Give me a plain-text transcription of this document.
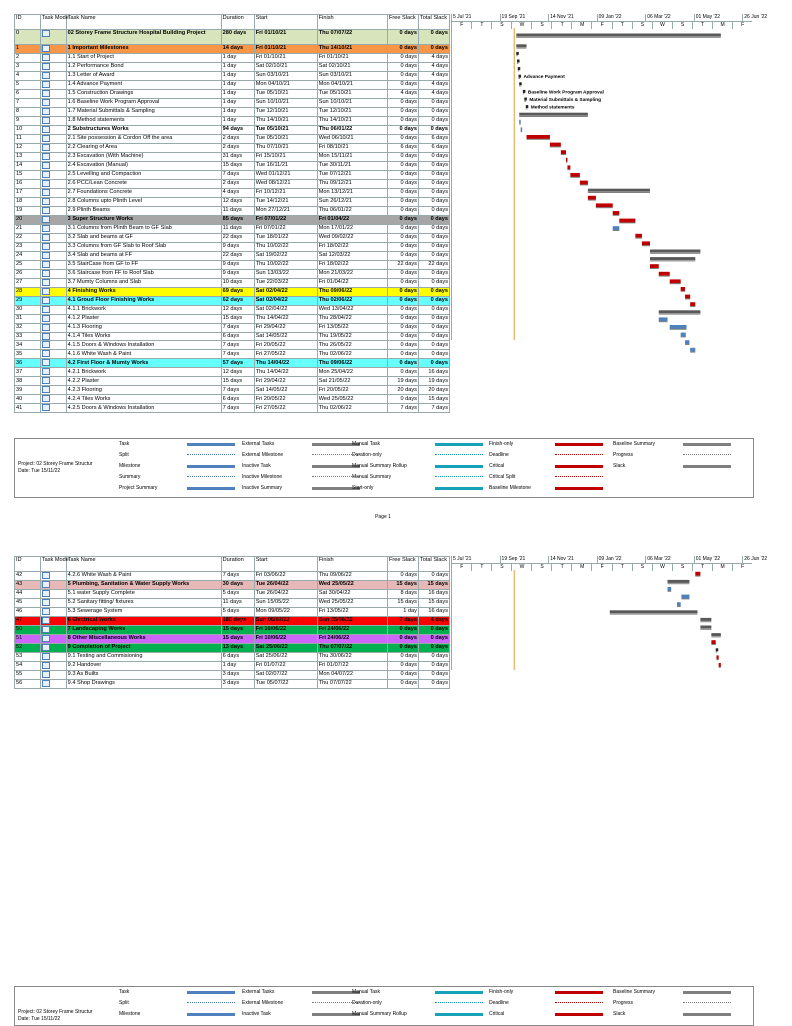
ID	Task Mode	Task Name	Duration	Start	Finish	Free Slack	Total Slack
0		02 Storey Frame Structure Hospital Building Project	280 days	Fri 01/10/21	Thu 07/07/22	0 days	0 days
1		1 Important Milestones	14 days	Fri 01/10/21	Thu 14/10/21	0 days	0 days
2		1.1 Start of Project	1 day	Fri 01/10/21	Fri 01/10/21	0 days	4 days
3		1.2 Performance Bond	1 day	Sat 02/10/21	Sat 02/10/21	0 days	4 days
4		1.3 Letter of Award	1 day	Sun 03/10/21	Sun 03/10/21	0 days	4 days
5		1.4 Advance Payment	1 day	Mon 04/10/21	Mon 04/10/21	0 days	4 days
6		1.5 Construction Drawings	1 day	Tue 05/10/21	Tue 05/10/21	4 days	4 days
7		1.6 Baseline Work Program Approval	1 day	Sun 10/10/21	Sun 10/10/21	0 days	0 days
8		1.7 Material Submittals & Sampling	1 day	Tue 12/10/21	Tue 12/10/21	0 days	0 days
9		1.8 Method statements	1 day	Thu 14/10/21	Thu 14/10/21	0 days	0 days
10		2 Substructures Works	94 days	Tue 05/10/21	Thu 06/01/22	0 days	0 days
11		2.1 Site possession & Cordon Off the area	2 days	Tue 05/10/21	Wed 06/10/21	0 days	6 days
12		2.2 Clearing of Area	2 days	Thu 07/10/21	Fri 08/10/21	6 days	6 days
13		2.3 Excavation (With Machine)	31 days	Fri 15/10/21	Mon 15/11/21	0 days	0 days
14		2.4 Excavation (Manual)	15 days	Tue 16/11/21	Tue 30/11/21	0 days	0 days
15		2.5 Levelling and Compaction	7 days	Wed 01/12/21	Tue 07/12/21	0 days	0 days
16		2.6 PCC/Lean Concrete	2 days	Wed 08/12/21	Thu 09/12/21	0 days	0 days
17		2.7 Foundations Concrete	4 days	Fri 10/12/21	Mon 13/12/21	0 days	0 days
18		2.8 Columns upto Plinth Level	12 days	Tue 14/12/21	Sun 26/12/21	0 days	0 days
19		2.9 Plinth Beams	11 days	Mon 27/12/21	Thu 06/01/22	0 days	0 days
20		3 Super Structure Works	85 days	Fri 07/01/22	Fri 01/04/22	0 days	0 days
21		3.1 Columns from Plinth Beam to GF Slab	11 days	Fri 07/01/22	Mon 17/01/22	0 days	0 days
22		3.2 Slab and beams at GF	22 days	Tue 18/01/22	Wed 09/02/22	0 days	0 days
23		3.3 Columns from GF Slab to Roof Slab	9 days	Thu 10/02/22	Fri 18/02/22	0 days	0 days
24		3.4 Slab and beams at FF	22 days	Sat 19/02/22	Sat 12/03/22	0 days	0 days
25		3.5 StairCase from GF to FF	9 days	Thu 10/02/22	Fri 18/02/22	22 days	22 days
26		3.6 Staircase from FF to Roof Slab	9 days	Sun 13/03/22	Mon 21/03/22	0 days	0 days
27		3.7 Mumty Columns and Slab	10 days	Tue 22/03/22	Fri 01/04/22	0 days	0 days
28		4 Finishing Works	69 days	Sat 02/04/22	Thu 09/06/22	0 days	0 days
29		4.1 Groud Floor Finishing Works	62 days	Sat 02/04/22	Thu 02/06/22	0 days	0 days
30		4.1.1 Brickwork	12 days	Sat 02/04/22	Wed 13/04/22	0 days	0 days
31		4.1.2 Plaster	15 days	Thu 14/04/22	Thu 28/04/22	0 days	0 days
32		4.1.3 Flooring	7 days	Fri 29/04/22	Fri 13/05/22	0 days	0 days
33		4.1.4 Tiles Works	6 days	Sat 14/05/22	Thu 19/05/22	0 days	0 days
34		4.1.5 Doors & Windows Installation	7 days	Fri 20/05/22	Thu 26/05/22	0 days	0 days
35		4.1.6 White Wash & Paint	7 days	Fri 27/05/22	Thu 02/06/22	0 days	0 days
36		4.2 First Floor & Mumty Works	57 days	Thu 14/04/22	Thu 09/06/22	0 days	0 days
37		4.2.1 Brickwork	12 days	Thu 14/04/22	Mon 25/04/22	0 days	16 days
38		4.2.2 Plaster	15 days	Fri 29/04/22	Sat 21/05/22	19 days	19 days
39		4.2.3 Flooring	7 days	Sat 14/05/22	Fri 20/05/22	20 days	20 days
40		4.2.4 Tiles Works	6 days	Fri 20/05/22	Wed 25/05/22	0 days	15 days
41		4.2.5 Doors & Windows Installation	7 days	Fri 27/05/22	Thu 02/06/22	7 days	7 days
5 Jul '21	19 Sep '21	14 Nov '21	09 Jan '22	06 Mar '22	01 May '22	26 Jun '22
F	T	S	W	S	T	M	F	T	S	W	S	T	M	F
Advance Payment
Baseline Work Program Approval
Material Submittals & Sampling
Method statements
Project: 02 Storey Frame Structur
Date: Tue 15/11/22
Task
Split
Milestone
Summary
Project Summary
External Tasks
External Milestone
Inactive Task
Inactive Milestone
Inactive Summary
Manual Task
Duration-only
Manual Summary Rollup
Manual Summary
Start-only
Finish-only
Deadline
Critical
Critical Split
Baseline Milestone
Baseline Summary
Progress
Slack
Page 1
ID	Task Mode	Task Name	Duration	Start	Finish	Free Slack	Total Slack
42		4.2.6 White Wash & Paint	7 days	Fri 03/06/22	Thu 09/06/22	0 days	0 days
43		5 Plumbing, Sanitation & Water Supply Works	30 days	Tue 26/04/22	Wed 25/05/22	15 days	15 days
44		5.1 water Supply Complete	5 days	Tue 26/04/22	Sat 30/04/22	8 days	16 days
45		5.2 Sanitary fitting/ fixtures	11 days	Sun 15/05/22	Wed 25/05/22	15 days	15 days
46		5.3 Sewerage System	5 days	Mon 09/05/22	Fri 13/05/22	1 day	16 days
47		6 Electrical Works	180 days	Sun 06/02/22	Sun 05/06/22	7 days	4 days
50		7 Landscaping Works	15 days	Fri 10/06/22	Fri 24/06/22	0 days	0 days
51		8 Other Miscellaneous Works	15 days	Fri 10/06/22	Fri 24/06/22	0 days	0 days
52		9 Completion of Project	13 days	Sat 25/06/22	Thu 07/07/22	0 days	0 days
53		9.1 Testing and Commisioning	6 days	Sat 25/06/22	Thu 30/06/22	0 days	0 days
54		9.2 Handover	1 day	Fri 01/07/22	Fri 01/07/22	0 days	0 days
55		9.3 As Builts	3 days	Sat 02/07/22	Mon 04/07/22	0 days	0 days
56		9.4 Shop Drawings	3 days	Tue 05/07/22	Thu 07/07/22	0 days	0 days
5 Jul '21	19 Sep '21	14 Nov '21	09 Jan '22	06 Mar '22	01 May '22	26 Jun '22
F	T	S	W	S	T	M	F	T	S	W	S	T	M	F
Project: 02 Storey Frame Structur
Date: Tue 15/11/22
Task
Split
Milestone
External Tasks
External Milestone
Inactive Task
Manual Task
Duration-only
Manual Summary Rollup
Finish-only
Deadline
Critical
Baseline Summary
Progress
Slack
